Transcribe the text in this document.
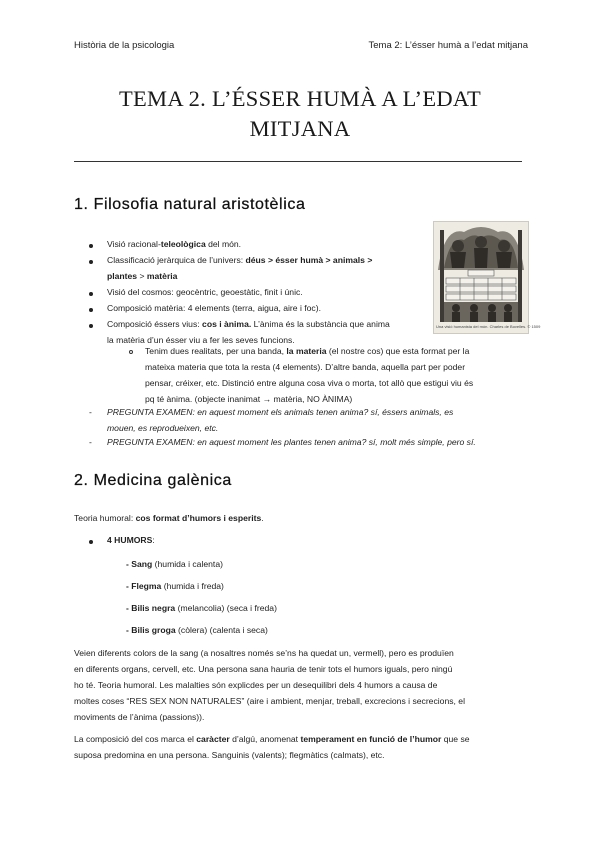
Història de la psicologia	Tema 2: L’ésser humà a l’edat mitjana
TEMA 2. L’ÉSSER HUMÀ A L’EDAT
MITJANA
1. Filosofia natural aristotèlica
Una visió humanista del món. Charles de Bovelles. © 1509
Visió racional-teleològica del món.
Classificació jeràrquica de l’univers: déus > ésser humà > animals >
plantes > matèria
Visió del cosmos: geocèntric, geoestàtic, finit i únic.
Composició matèria: 4 elements (terra, aigua, aire i foc).
Composició éssers vius: cos i ànima. L’ànima és la substància que anima
la matèria d’un ésser viu a fer les seves funcions.
Tenim dues realitats, per una banda, la materia (el nostre cos) que esta format per la
mateixa materia que tota la resta (4 elements). D’altre banda, aquella part per poder
pensar, créixer, etc. Distinció entre alguna cosa viva o morta, tot allò que estigui viu és
pq té ànima. (objecte inanimat → matèria, NO ÀNIMA)
- PREGUNTA EXAMEN: en aquest moment els animals tenen anima? sí, éssers animals, es
mouen, es reprodueixen, etc.
- PREGUNTA EXAMEN: en aquest moment les plantes tenen anima? sí, molt més simple, pero sí.
2. Medicina galènica
Teoria humoral: cos format d’humors i esperits.
4 HUMORS:
- Sang (humida i calenta)
- Flegma (humida i freda)
- Bilis negra (melancolia) (seca i freda)
- Bilis groga (còlera) (calenta i seca)
Veien diferents colors de la sang (a nosaltres només se’ns ha quedat un, vermell), pero es produïen
en diferents organs, cervell, etc. Una persona sana hauria de tenir tots el humors iguals, pero ningú
ho té. Teoria humoral. Les malalties són explicdes per un desequilibri dels 4 humors a causa de
moltes coses “RES SEX NON NATURALES” (aire i ambient, menjar, treball, excrecions i secrecions, el
moviments de l’ànima (passions)).
La composició del cos marca el caràcter d’algú, anomenat temperament en funció de l’humor que se
suposa predomina en una persona. Sanguinis (valents); flegmàtics (calmats), etc.
